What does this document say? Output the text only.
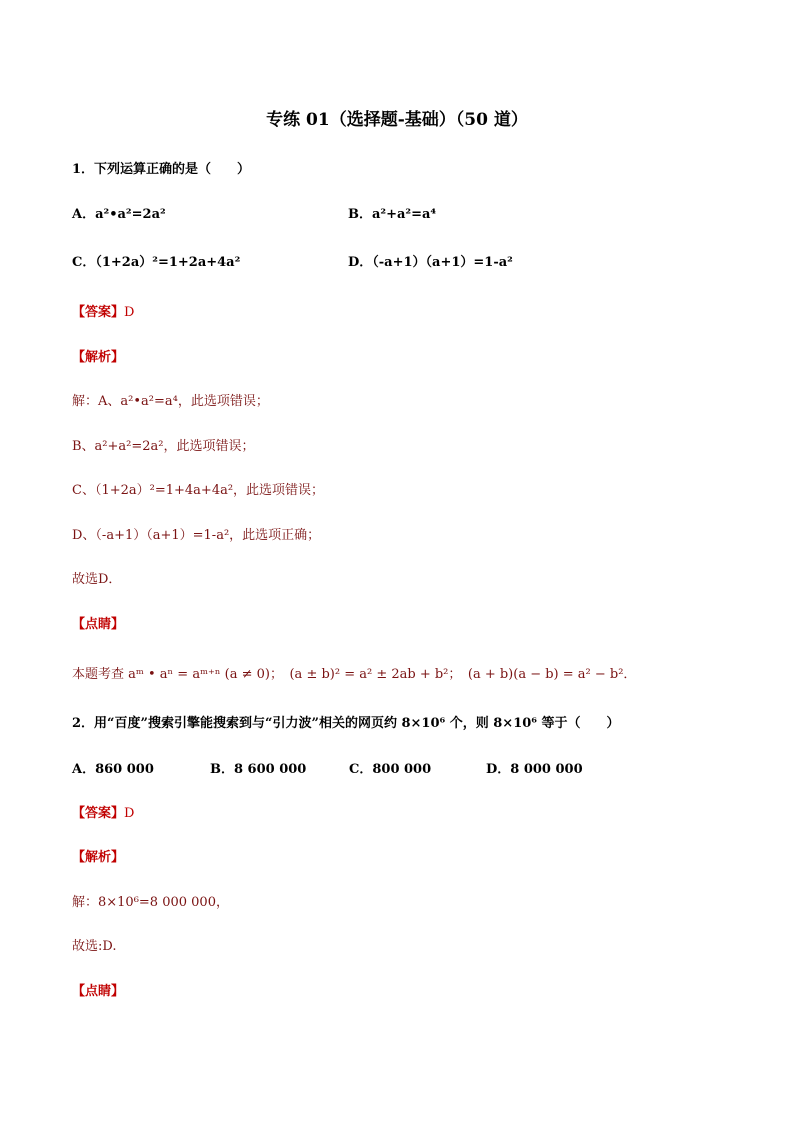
专练 01（选择题-基础）（50 道）
1．下列运算正确的是（　　）
A．a²•a²=2a²	B．a²+a²=a⁴
C．（1+2a）²=1+2a+4a²	D．（-a+1）（a+1）=1-a²
【答案】D
【解析】
解：A、a²•a²=a⁴，此选项错误；
B、a²+a²=2a²，此选项错误；
C、（1+2a）²=1+4a+4a²，此选项错误；
D、（-a+1）（a+1）=1-a²，此选项正确；
故选D．
【点睛】
本题考查 aᵐ • aⁿ = aᵐ⁺ⁿ (a ≠ 0)；　(a ± b)² = a² ± 2ab + b²；　(a + b)(a − b) = a² − b²．
2．用“百度”搜索引擎能搜索到与“引力波”相关的网页约 8×10⁶ 个，则 8×10⁶ 等于（　　）
A．860 000	B．8 600 000	C．800 000	D．8 000 000
【答案】D
【解析】
解：8×10⁶=8 000 000，
故选:D.
【点睛】
